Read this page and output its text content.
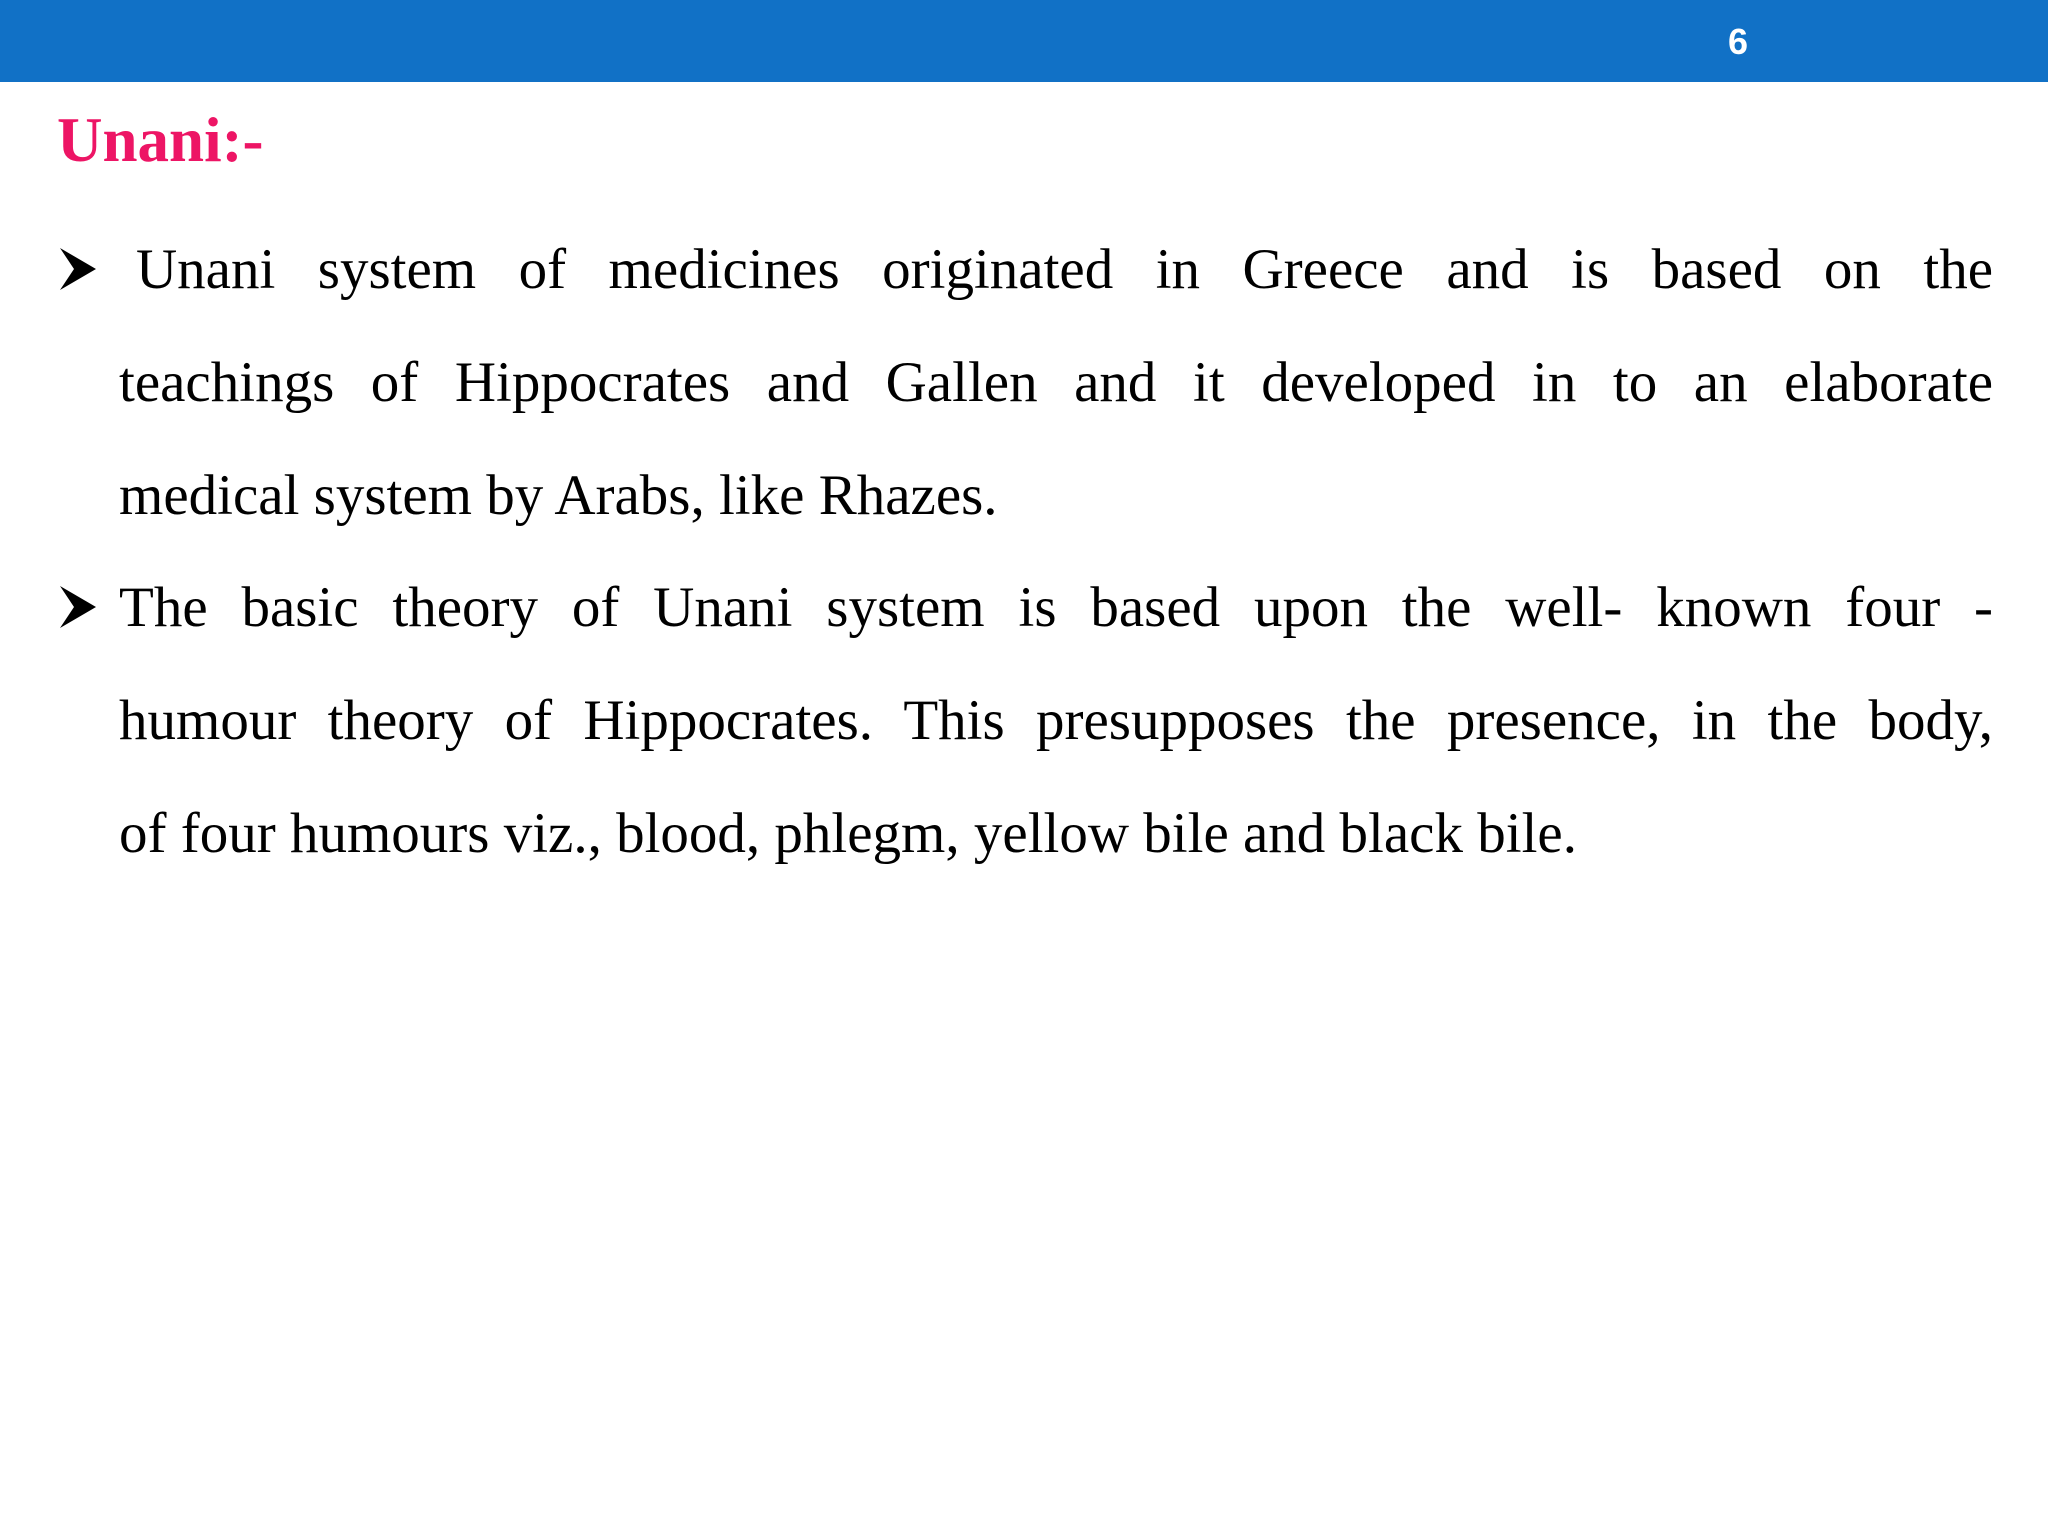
6
Unani:-
Unani system of medicines originated in Greece and is based on the
teachings of Hippocrates and Gallen and it developed in to an elaborate
medical system by Arabs, like Rhazes.
The basic theory of Unani system is based upon the well- known four -
humour theory of Hippocrates. This presupposes the presence, in the body,
of four humours viz., blood, phlegm, yellow bile and black bile.
